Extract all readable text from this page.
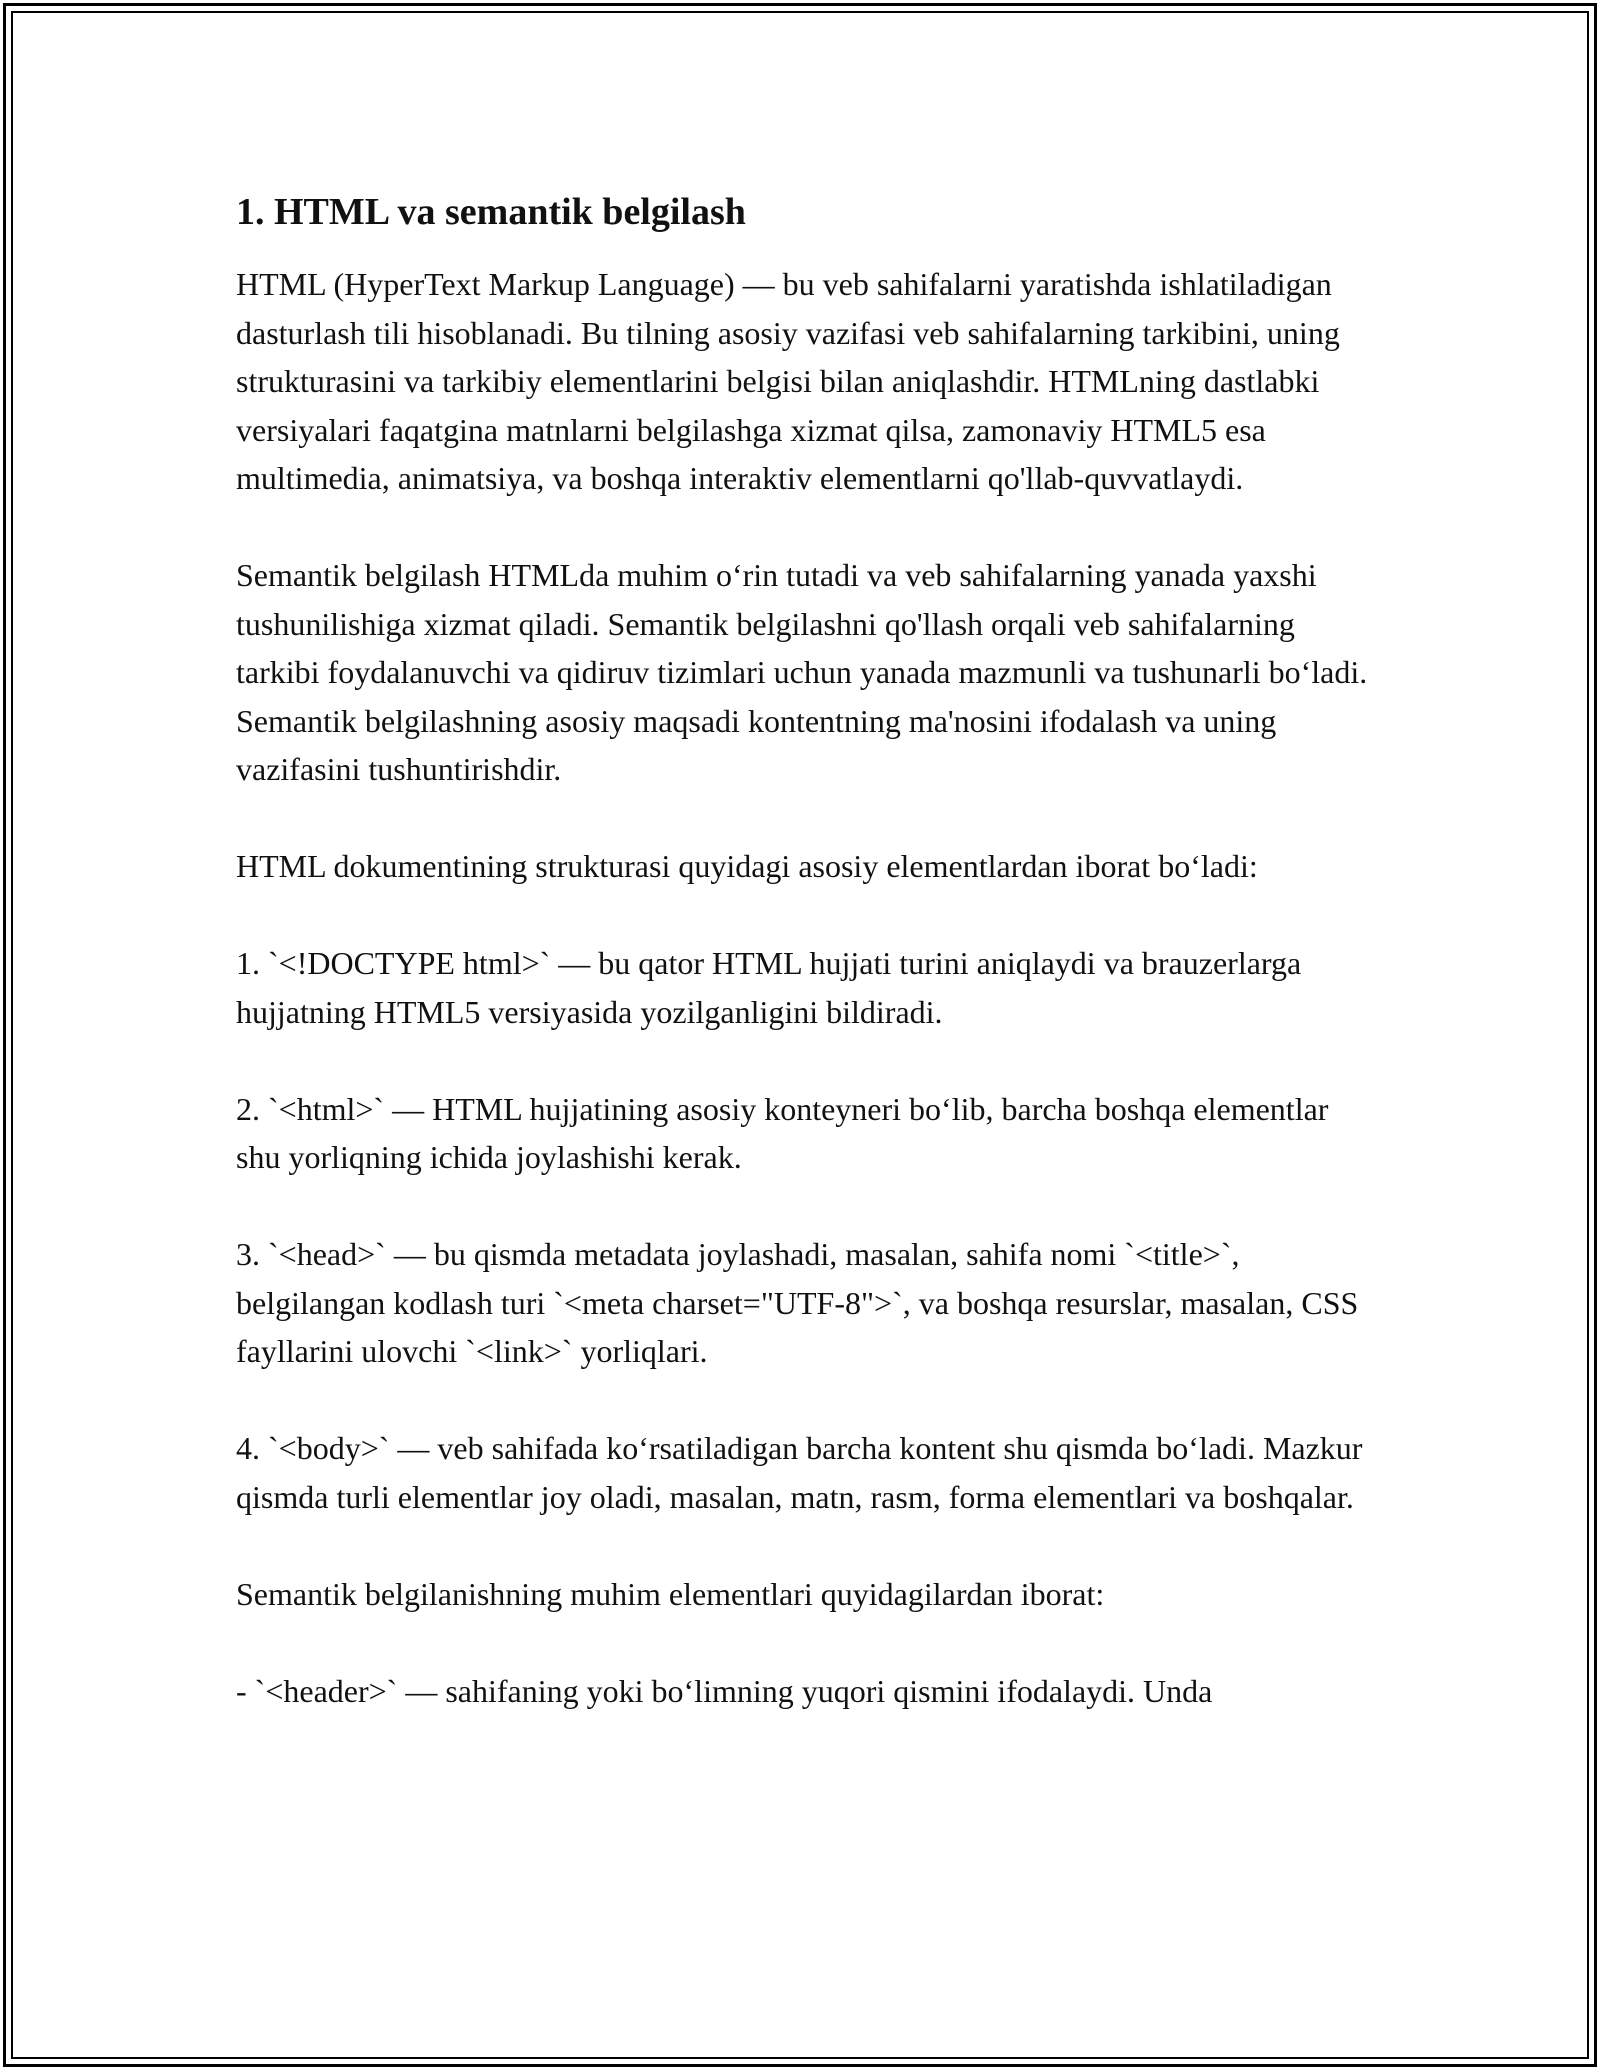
1. HTML va semantik belgilash

HTML (HyperText Markup Language) — bu veb sahifalarni yaratishda ishlatiladigan dasturlash tili hisoblanadi. Bu tilning asosiy vazifasi veb sahifalarning tarkibini, uning strukturasini va tarkibiy elementlarini belgisi bilan aniqlashdir. HTMLning dastlabki versiyalari faqatgina matnlarni belgilashga xizmat qilsa, zamonaviy HTML5 esa multimedia, animatsiya, va boshqa interaktiv elementlarni qo'llab-quvvatlaydi.

Semantik belgilash HTMLda muhim oʻrin tutadi va veb sahifalarning yanada yaxshi tushunilishiga xizmat qiladi. Semantik belgilashni qo'llash orqali veb sahifalarning tarkibi foydalanuvchi va qidiruv tizimlari uchun yanada mazmunli va tushunarli boʻladi. Semantik belgilashning asosiy maqsadi kontentning ma'nosini ifodalash va uning vazifasini tushuntirishdir.

HTML dokumentining strukturasi quyidagi asosiy elementlardan iborat boʻladi:

1. `<!DOCTYPE html>` — bu qator HTML hujjati turini aniqlaydi va brauzerlarga hujjatning HTML5 versiyasida yozilganligini bildiradi.

2. `<html>` — HTML hujjatining asosiy konteyneri boʻlib, barcha boshqa elementlar shu yorliqning ichida joylashishi kerak.

3. `<head>` — bu qismda metadata joylashadi, masalan, sahifa nomi `<title>`, belgilangan kodlash turi `<meta charset="UTF-8">`, va boshqa resurslar, masalan, CSS fayllarini ulovchi `<link>` yorliqlari.

4. `<body>` — veb sahifada koʻrsatiladigan barcha kontent shu qismda boʻladi. Mazkur qismda turli elementlar joy oladi, masalan, matn, rasm, forma elementlari va boshqalar.

Semantik belgilanishning muhim elementlari quyidagilardan iborat:

- `<header>` — sahifaning yoki boʻlimning yuqori qismini ifodalaydi. Unda
